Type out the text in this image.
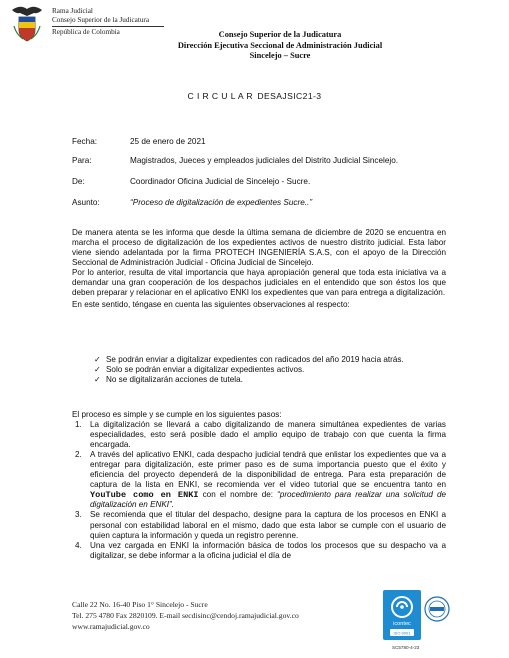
Rama Judicial
Consejo Superior de la Judicatura
República de Colombia	Consejo Superior de la Judicatura
Dirección Ejecutiva Seccional de Administración Judicial
Sincelejo – Sucre
C I R C U L A R DESAJSIC21-3
Fecha:	25 de enero de 2021
Para:	Magistrados, Jueces y empleados judiciales del Distrito Judicial Sincelejo.
De:	Coordinador Oficina Judicial de Sincelejo - Sucre.
Asunto:	“Proceso de digitalización de expedientes Sucre..”

De manera atenta se les informa que desde la última semana de diciembre de 2020 se encuentra en marcha el proceso de digitalización de los expedientes activos de nuestro distrito judicial. Esta labor viene siendo adelantada por la firma PROTECH INGENIERÍA S.A.S, con el apoyo de la Dirección Seccional de Administración Judicial - Oficina Judicial de Sincelejo.

Por lo anterior, resulta de vital importancia que haya apropiación general que toda esta iniciativa va a demandar una gran cooperación de los despachos judiciales en el entendido que son éstos los que deben preparar y relacionar en el aplicativo ENKI los expedientes que van para entrega a digitalización.

En este sentido, téngase en cuenta las siguientes observaciones al respecto:

✓ Se podrán enviar a digitalizar expedientes con radicados del año 2019 hacia atrás.
✓ Solo se podrán enviar a digitalizar expedientes activos.
✓ No se digitalizarán acciones de tutela.
El proceso es simple y se cumple en los siguientes pasos:
1. La digitalización se llevará a cabo digitalizando de manera simultánea expedientes de varias especialidades, esto será posible dado el amplio equipo de trabajo con que cuenta la firma encargada.
2. A través del aplicativo ENKI, cada despacho judicial tendrá que enlistar los expedientes que va a entregar para digitalización, este primer paso es de suma importancia puesto que el éxito y eficiencia del proyecto dependerá de la disponibilidad de entrega. Para esta preparación de captura de la lista en ENKI, se recomienda ver el video tutorial que se encuentra tanto en YouTube como en ENKI con el nombre de: “procedimiento para realizar una solicitud de digitalización en ENKI”.
3. Se recomienda que el titular del despacho, designe para la captura de los procesos en ENKI a personal con estabilidad laboral en el mismo, dado que esta labor se cumple con el usuario de quien captura la información y queda un registro perenne.
4. Una vez cargada en ENKI la información básica de todos los procesos que su despacho va a digitalizar, se debe informar a la oficina judicial el día de
Calle 22 No. 16-40 Piso 1° Sincelejo - Sucre
Tel. 275 4780 Fax 2820109. E-mail secdisinc@cendoj.ramajudicial.gov.co
www.ramajudicial.gov.co	icontec
ISO 9001
SC5780-4-23
